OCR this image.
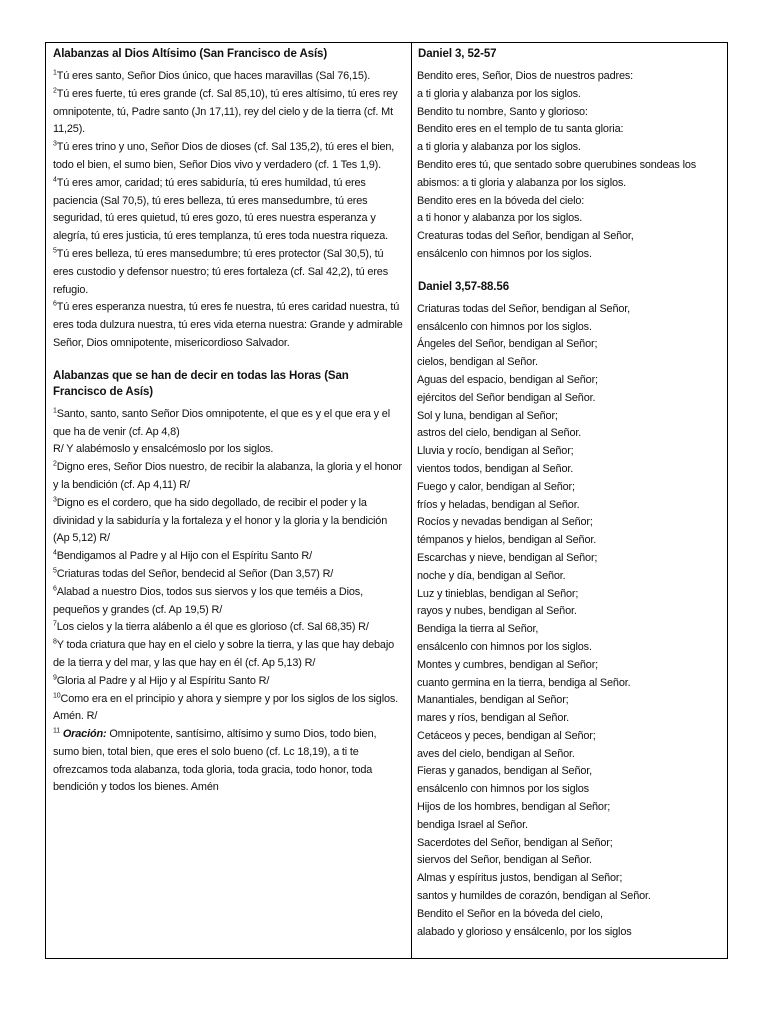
Alabanzas al Dios Altísimo (San Francisco de Asís)
$^1$Tú eres santo, Señor Dios único, que haces maravillas (Sal 76,15).
$^2$Tú eres fuerte, tú eres grande (cf. Sal 85,10), tú eres altísimo, tú eres rey omnipotente, tú, Padre santo (Jn 17,11), rey del cielo y de la tierra (cf. Mt 11,25).
$^3$Tú eres trino y uno, Señor Dios de dioses (cf. Sal 135,2), tú eres el bien, todo el bien, el sumo bien, Señor Dios vivo y verdadero (cf. 1 Tes 1,9).
$^4$Tú eres amor, caridad; tú eres sabiduría, tú eres humildad, tú eres paciencia (Sal 70,5), tú eres belleza, tú eres mansedumbre, tú eres seguridad, tú eres quietud, tú eres gozo, tú eres nuestra esperanza y alegría, tú eres justicia, tú eres templanza, tú eres toda nuestra riqueza.
$^5$Tú eres belleza, tú eres mansedumbre; tú eres protector (Sal 30,5), tú eres custodio y defensor nuestro; tú eres fortaleza (cf. Sal 42,2), tú eres refugio.
$^6$Tú eres esperanza nuestra, tú eres fe nuestra, tú eres caridad nuestra, tú eres toda dulzura nuestra, tú eres vida eterna nuestra: Grande y admirable Señor, Dios omnipotente, misericordioso Salvador.
Alabanzas que se han de decir en todas las Horas (San Francisco de Asís)
$^1$Santo, santo, santo Señor Dios omnipotente, el que es y el que era y el que ha de venir (cf. Ap 4,8)
R/ Y alabémoslo y ensalcémoslo por los siglos.
$^2$Digno eres, Señor Dios nuestro, de recibir la alabanza, la gloria y el honor y la bendición (cf. Ap 4,11) R/
$^3$Digno es el cordero, que ha sido degollado, de recibir el poder y la divinidad y la sabiduría y la fortaleza y el honor y la gloria y la bendición (Ap 5,12) R/
$^4$Bendigamos al Padre y al Hijo con el Espíritu Santo R/
$^5$Criaturas todas del Señor, bendecid al Señor (Dan 3,57) R/
$^6$Alabad a nuestro Dios, todos sus siervos y los que teméis a Dios, pequeños y grandes (cf. Ap 19,5) R/
$^7$Los cielos y la tierra alábenlo a él que es glorioso (cf. Sal 68,35) R/
$^8$Y toda criatura que hay en el cielo y sobre la tierra, y las que hay debajo de la tierra y del mar, y las que hay en él (cf. Ap 5,13) R/
$^9$Gloria al Padre y al Hijo y al Espíritu Santo R/
$^{10}$Como era en el principio y ahora y siempre y por los siglos de los siglos. Amén. R/
$^{11}$ Oración: Omnipotente, santísimo, altísimo y sumo Dios, todo bien, sumo bien, total bien, que eres el solo bueno (cf. Lc 18,19), a ti te ofrezcamos toda alabanza, toda gloria, toda gracia, todo honor, toda bendición y todos los bienes. Amén
Daniel 3, 52-57
Bendito eres, Señor, Dios de nuestros padres:
a ti gloria y alabanza por los siglos.
Bendito tu nombre, Santo y glorioso:
Bendito eres en el templo de tu santa gloria:
a ti gloria y alabanza por los siglos.
Bendito eres tú, que sentado sobre querubines sondeas los
abismos: a ti gloria y alabanza por los siglos.
Bendito eres en la bóveda del cielo:
a ti honor y alabanza por los siglos.
Creaturas todas del Señor, bendigan al Señor,
ensálcenlo con himnos por los siglos.
Daniel 3,57-88.56
Criaturas todas del Señor, bendigan al Señor,
ensálcenlo con himnos por los siglos.
Ángeles del Señor, bendigan al Señor;
cielos, bendigan al Señor.
Aguas del espacio, bendigan al Señor;
ejércitos del Señor bendigan al Señor.
Sol y luna, bendigan al Señor;
astros del cielo, bendigan al Señor.
Lluvia y rocío, bendigan al Señor;
vientos todos, bendigan al Señor.
Fuego y calor, bendigan al Señor;
fríos y heladas, bendigan al Señor.
Rocíos y nevadas bendigan al Señor;
témpanos y hielos, bendigan al Señor.
Escarchas y nieve, bendigan al Señor;
noche y día, bendigan al Señor.
Luz y tinieblas, bendigan al Señor;
rayos y nubes, bendigan al Señor.
Bendiga la tierra al Señor,
ensálcenlo con himnos por los siglos.
Montes y cumbres, bendigan al Señor;
cuanto germina en la tierra, bendiga al Señor.
Manantiales, bendigan al Señor;
mares y ríos, bendigan al Señor.
Cetáceos y peces, bendigan al Señor;
aves del cielo, bendigan al Señor.
Fieras y ganados, bendigan al Señor,
ensálcenlo con himnos por los siglos
Hijos de los hombres, bendigan al Señor;
bendiga Israel al Señor.
Sacerdotes del Señor, bendigan al Señor;
siervos del Señor, bendigan al Señor.
Almas y espíritus justos, bendigan al Señor;
santos y humildes de corazón, bendigan al Señor.
Bendito el Señor en la bóveda del cielo,
alabado y glorioso y ensálcenlo, por los siglos
